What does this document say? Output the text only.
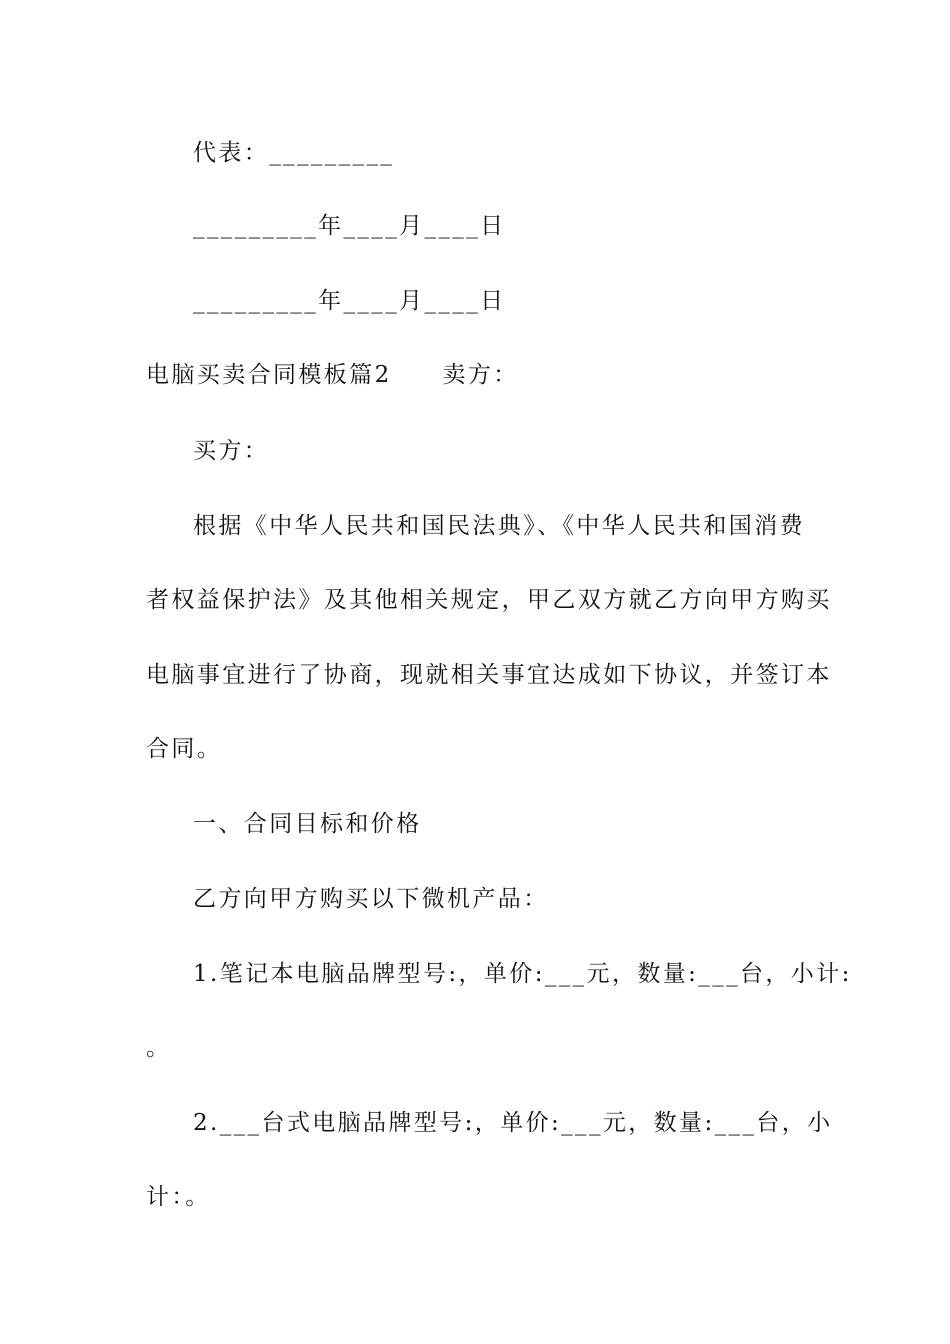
代表：_________
_________年____月____日
_________年____月____日
电脑买卖合同模板篇2　　卖方：
买方：
根据《中华人民共和国民法典》、《中华人民共和国消费
者权益保护法》及其他相关规定，甲乙双方就乙方向甲方购买
电脑事宜进行了协商，现就相关事宜达成如下协议，并签订本
合同。
一、合同目标和价格
乙方向甲方购买以下微机产品：
1.笔记本电脑品牌型号:，单价:___元，数量:___台，小计:
。
2.___台式电脑品牌型号:，单价:___元，数量:___台，小
计：。
